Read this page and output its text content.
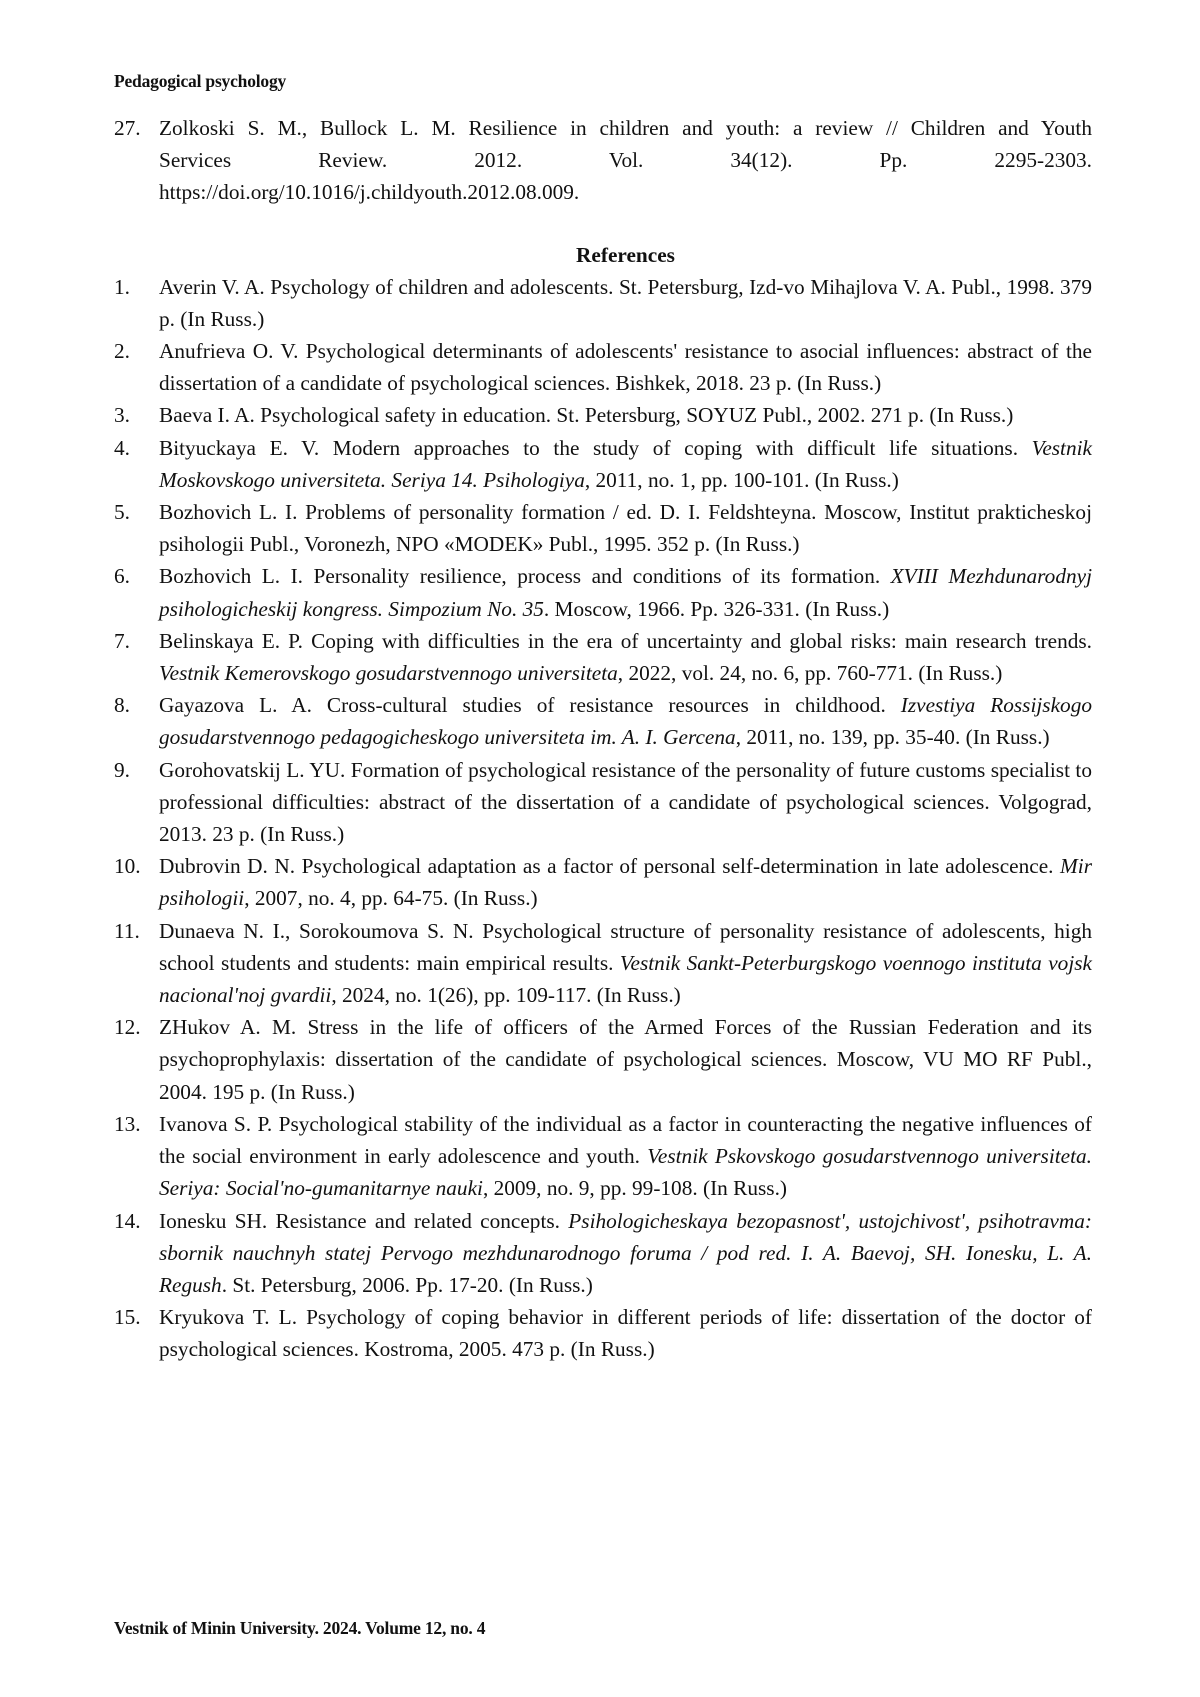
Pedagogical psychology
27. Zolkoski S. M., Bullock L. M. Resilience in children and youth: a review // Children and Youth
Services Review. 2012. Vol. 34(12). Pp. 2295-2303.
https://doi.org/10.1016/j.childyouth.2012.08.009.
References
1.	Averin V. A. Psychology of children and adolescents. St. Petersburg, Izd-vo Mihajlova V. A. Publ., 1998. 379 p. (In Russ.)
2.	Anufrieva O. V. Psychological determinants of adolescents' resistance to asocial influences: abstract of the dissertation of a candidate of psychological sciences. Bishkek, 2018. 23 p. (In Russ.)
3.	Baeva I. A. Psychological safety in education. St. Petersburg, SOYUZ Publ., 2002. 271 p. (In Russ.)
4.	Bityuckaya E. V. Modern approaches to the study of coping with difficult life situations. Vestnik Moskovskogo universiteta. Seriya 14. Psihologiya, 2011, no. 1, pp. 100-101. (In Russ.)
5.	Bozhovich L. I. Problems of personality formation / ed. D. I. Feldshteyna. Moscow, Institut prakticheskoj psihologii Publ., Voronezh, NPO «MODEK» Publ., 1995. 352 p. (In Russ.)
6.	Bozhovich L. I. Personality resilience, process and conditions of its formation. XVIII Mezhdunarodnyj psihologicheskij kongress. Simpozium No. 35. Moscow, 1966. Pp. 326-331. (In Russ.)
7.	Belinskaya E. P. Coping with difficulties in the era of uncertainty and global risks: main research trends. Vestnik Kemerovskogo gosudarstvennogo universiteta, 2022, vol. 24, no. 6, pp. 760-771. (In Russ.)
8.	Gayazova L. A. Cross-cultural studies of resistance resources in childhood. Izvestiya Rossijskogo gosudarstvennogo pedagogicheskogo universiteta im. A. I. Gercena, 2011, no. 139, pp. 35-40. (In Russ.)
9.	Gorohovatskij L. YU. Formation of psychological resistance of the personality of future customs specialist to professional difficulties: abstract of the dissertation of a candidate of psychological sciences. Volgograd, 2013. 23 p. (In Russ.)
10. Dubrovin D. N. Psychological adaptation as a factor of personal self-determination in late adolescence. Mir psihologii, 2007, no. 4, pp. 64-75. (In Russ.)
11. Dunaeva N. I., Sorokoumova S. N. Psychological structure of personality resistance of adolescents, high school students and students: main empirical results. Vestnik Sankt-Peterburgskogo voennogo instituta vojsk nacional'noj gvardii, 2024, no. 1(26), pp. 109-117. (In Russ.)
12. ZHukov A. M. Stress in the life of officers of the Armed Forces of the Russian Federation and its psychoprophylaxis: dissertation of the candidate of psychological sciences. Moscow, VU MO RF Publ., 2004. 195 p. (In Russ.)
13. Ivanova S. P. Psychological stability of the individual as a factor in counteracting the negative influences of the social environment in early adolescence and youth. Vestnik Pskovskogo gosudarstvennogo universiteta. Seriya: Social'no-gumanitarnye nauki, 2009, no. 9, pp. 99-108. (In Russ.)
14. Ionesku SH. Resistance and related concepts. Psihologicheskaya bezopasnost', ustojchivost', psihotravma: sbornik nauchnyh statej Pervogo mezhdunarodnogo foruma / pod red. I. A. Baevoj, SH. Ionesku, L. A. Regush. St. Petersburg, 2006. Pp. 17-20. (In Russ.)
15. Kryukova T. L. Psychology of coping behavior in different periods of life: dissertation of the doctor of psychological sciences. Kostroma, 2005. 473 p. (In Russ.)
Vestnik of Minin University. 2024. Volume 12, no. 4
